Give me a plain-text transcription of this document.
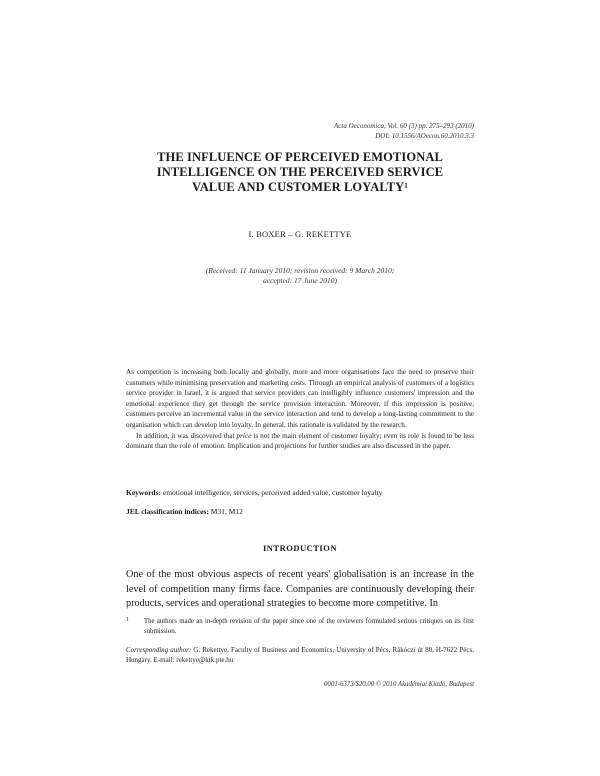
Acta Oeconomica, Vol. 60 (3) pp. 275–293 (2010)
DOI: 10.1556/AOecon.60.2010.3.3
THE INFLUENCE OF PERCEIVED EMOTIONAL
INTELLIGENCE ON THE PERCEIVED SERVICE
VALUE AND CUSTOMER LOYALTY$^1$
I. BOXER – G. REKETTYE
(Received: 11 January 2010; revision received: 9 March 2010;
accepted: 17 June 2010)

As competition is increasing both locally and globally, more and more organisations face the need to preserve their customers while minimising preservation and marketing costs. Through an empirical analysis of customers of a logistics service provider in Israel, it is argued that service providers can intelligibly influence customers' impression and the emotional experience they get through the service provision interaction. Moreover, if this impression is positive, customers perceive an incremental value in the service interaction and tend to develop a long-lasting commitment to the organisation which can develop into loyalty. In general, this rationale is validated by the research.

In addition, it was discovered that price is not the main element of customer loyalty; even its role is found to be less dominant than the role of emotion. Implication and projections for further studies are also discussed in the paper.

Keywords: emotional intelligence, services, perceived added value, customer loyalty
JEL classification indices: M31, M12
INTRODUCTION
One of the most obvious aspects of recent years' globalisation is an increase in the level of competition many firms face. Companies are continuously developing their products, services and operational strategies to become more competitive. In
1	The authors made an in-depth revision of the paper since one of the reviewers formulated serious critiques on its first submission.
Corresponding author: G. Rekettye, Faculty of Business and Economics, University of Pécs, Rákóczi út 80, H-7622 Pécs, Hungary. E-mail: rekettye@ktk.pte.hu
0001-6373/$20.00 © 2010 Akadémiai Kiadó, Budapest
